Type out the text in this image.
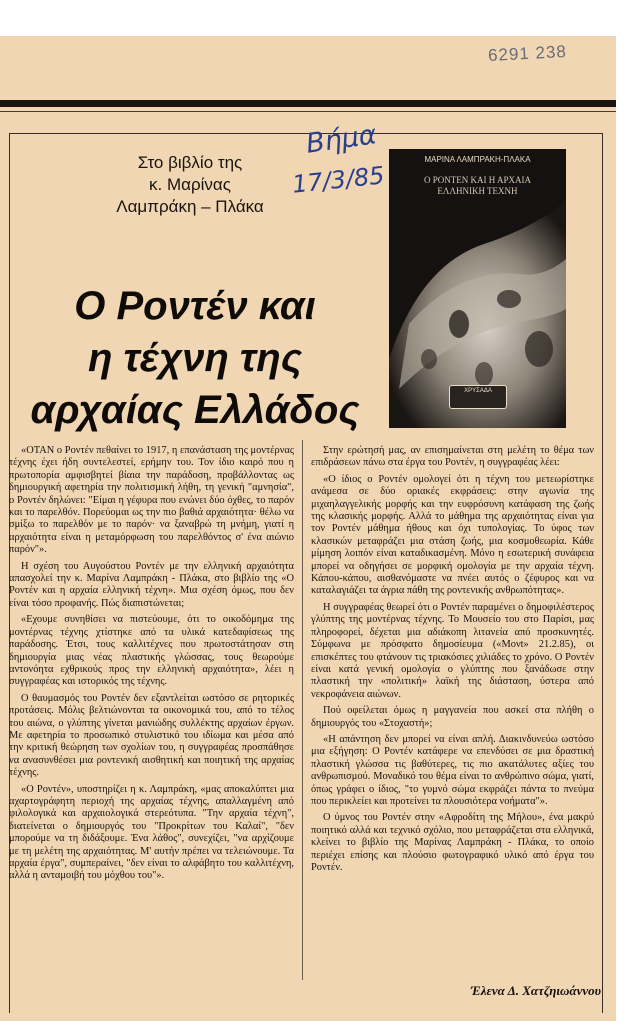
6291 238
Στο βιβλίο της
κ. Μαρίνας
Λαμπράκη – Πλάκα
Βήμα
17/3/85
Ο Ροντέν και
η τέχνη της
αρχαίας Ελλάδος
ΜΑΡΙΝΑ ΛΑΜΠΡΑΚΗ-ΠΛΑΚΑ
Ο ΡΟΝΤΕΝ ΚΑΙ Η ΑΡΧΑΙΑ
ΕΛΛΗΝΙΚΗ ΤΕΧΝΗ
ΧΡΥΣΑΔΑ

«ΟΤΑΝ ο Ροντέν πεθαίνει το 1917, η επανάσταση της μοντέρνας τέχνης έχει ήδη συντελεστεί, ερήμην του. Τον ίδιο καιρό που η πρωτοπορία αμφισβητεί βίαια την παράδοση, προβάλλοντας ως δημιουργική αφετηρία την πολιτισμική λήθη, τη γενική "αμνησία", ο Ροντέν δηλώνει: "Είμαι η γέφυρα που ενώνει δύο όχθες, το παρόν και το παρελθόν. Πορεύομαι ως την πιο βαθιά αρχαιότητα· θέλω να σμίξω το παρελθόν με το παρόν· να ξαναβρώ τη μνήμη, γιατί η αρχαιότητα είναι η μεταμόρφωση του παρελθόντος σ' ένα αιώνιο παρόν"».

Η σχέση του Αυγούστου Ροντέν με την ελληνική αρχαιότητα απασχολεί την κ. Μαρίνα Λαμπράκη - Πλάκα, στο βιβλίο της «Ο Ροντέν και η αρχαία ελληνική τέχνη». Μια σχέση όμως, που δεν είναι τόσο προφανής. Πώς διαπιστώνεται;

«Εχουμε συνηθίσει να πιστεύουμε, ότι το οικοδόμημα της μοντέρνας τέχνης χτίστηκε από τα υλικά κατεδαφίσεως της παράδοσης. Έτσι, τους καλλιτέχνες που πρωτοστάτησαν στη δημιουργία μιας νέας πλαστικής γλώσσας, τους θεωρούμε αντονόητα εχθρικούς προς την ελληνική αρχαιότητα», λέει η συγγραφέας και ιστορικός της τέχνης.

Ο θαυμασμός του Ροντέν δεν εξαντλείται ωστόσο σε ρητορικές προτάσεις. Μόλις βελτιώνονται τα οικονομικά του, από το τέλος του αιώνα, ο γλύπτης γίνεται μανιώδης συλλέκτης αρχαίων έργων. Με αφετηρία το προσωπικό στυλιστικό του ιδίωμα και μέσα από την κριτική θεώρηση των σχολίων του, η συγγραφέας προσπάθησε να ανασυνθέσει μια ροντενική αισθητική και ποιητική της αρχαίας τέχνης.

«Ο Ροντέν», υποστηρίζει η κ. Λαμπράκη, «μας αποκαλύπτει μια αχαρτογράφητη περιοχή της αρχαίας τέχνης, απαλλαγμένη από φιλολογικά και αρχαιολογικά στερεότυπα. "Την αρχαία τέχνη", διατείνεται ο δημιουργός του "Προκρίτων του Καλαί", "δεν μπορούμε να τη διδάξουμε. Ένα λάθος", συνεχίζει, "να αρχίζουμε με τη μελέτη της αρχαιότητας. Μ' αυτήν πρέπει να τελειώνουμε. Τα αρχαία έργα", συμπεραίνει, "δεν είναι το αλφάβητο του καλλιτέχνη, αλλά η ανταμοιβή του μόχθου του"».

Στην ερώτησή μας, αν επισημαίνεται στη μελέτη το θέμα των επιδράσεων πάνω στα έργα του Ροντέν, η συγγραφέας λέει:

«Ο ίδιος ο Ροντέν ομολογεί ότι η τέχνη του μετεωρίστηκε ανάμεσα σε δύο οριακές εκφράσεις: στην αγωνία της μιχαηλαγγελικής μορφής και την ευφρόσυνη κατάφαση της ζωής της κλασικής μορφής. Αλλά το μάθημα της αρχαιότητας είναι για τον Ροντέν μάθημα ήθους και όχι τυπολογίας. Το ύφος των κλασικών μεταφράζει μια στάση ζωής, μια κοσμοθεωρία. Κάθε μίμηση λοιπόν είναι καταδικασμένη. Μόνο η εσωτερική συνάφεια μπορεί να οδηγήσει σε μορφική ομολογία με την αρχαία τέχνη. Κάπου-κάπου, αισθανόμαστε να πνέει αυτός ο ζέφυρος και να καταλαγιάζει τα άγρια πάθη της ροντενικής ανθρωπότητας».

Η συγγραφέας θεωρεί ότι ο Ροντέν παραμένει ο δημοφιλέστερος γλύπτης της μοντέρνας τέχνης. Το Μουσείο του στο Παρίσι, μας πληροφορεί, δέχεται μια αδιάκοπη λιτανεία από προσκυνητές. Σύμφωνα με πρόσφατο δημοσίευμα («Μονt» 21.2.85), οι επισκέπτες του φτάνουν τις τριακόσιες χιλιάδες το χρόνο. Ο Ροντέν είναι κατά γενική ομολογία ο γλύπτης που ξανάδωσε στην πλαστική την «πολιτική» λαϊκή της διάσταση, ύστερα από νεκροφάνεια αιώνων.

Πού οφείλεται όμως η μαγγανεία που ασκεί στα πλήθη ο δημιουργός του «Στοχαστή»;

«Η απάντηση δεν μπορεί να είναι απλή. Διακινδυνεύω ωστόσο μια εξήγηση: Ο Ροντέν κατάφερε να επενδύσει σε μια δραστική πλαστική γλώσσα τις βαθύτερες, τις πιο ακατάλυτες αξίες του ανθρωπισμού. Μοναδικό του θέμα είναι το ανθρώπινο σώμα, γιατί, όπως γράφει ο ίδιος, "το γυμνό σώμα εκφράζει πάντα το πνεύμα που περικλείει και προτείνει τα πλουσιότερα νοήματα"».

Ο ύμνος του Ροντέν στην «Αφροδίτη της Μήλου», ένα μακρύ ποιητικό αλλά και τεχνικό σχόλιο, που μεταφράζεται στα ελληνικά, κλείνει το βιβλίο της Μαρίνας Λαμπράκη - Πλάκα, το οποίο περιέχει επίσης και πλούσιο φωτογραφικό υλικό από έργα του Ροντέν.

Έλενα Δ. Χατζηιωάννου
